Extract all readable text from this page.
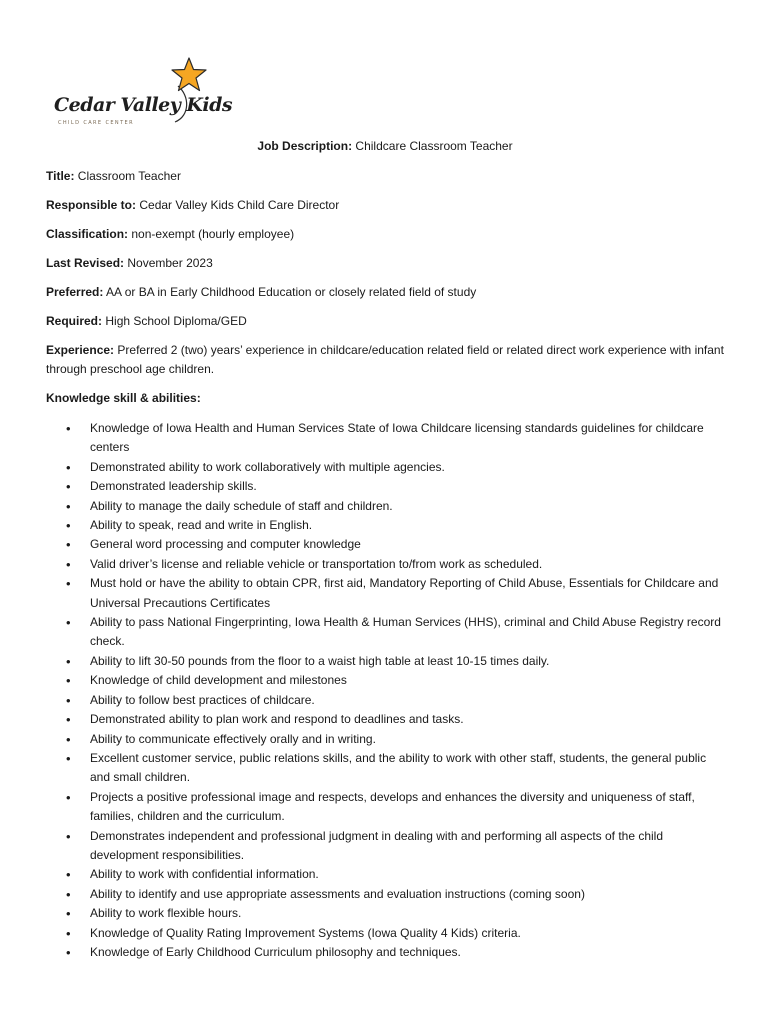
Cedar Valley Kids
CHILD CARE CENTER
Job Description: Childcare Classroom Teacher
Title: Classroom Teacher
Responsible to: Cedar Valley Kids Child Care Director
Classification: non-exempt (hourly employee)
Last Revised: November 2023
Preferred: AA or BA in Early Childhood Education or closely related field of study
Required: High School Diploma/GED
Experience: Preferred 2 (two) years’ experience in childcare/education related field or related direct work experience with infant through preschool age children.
Knowledge skill & abilities:
• Knowledge of Iowa Health and Human Services State of Iowa Childcare licensing standards guidelines for childcare centers
• Demonstrated ability to work collaboratively with multiple agencies.
• Demonstrated leadership skills.
• Ability to manage the daily schedule of staff and children.
• Ability to speak, read and write in English.
• General word processing and computer knowledge
• Valid driver’s license and reliable vehicle or transportation to/from work as scheduled.
• Must hold or have the ability to obtain CPR, first aid, Mandatory Reporting of Child Abuse, Essentials for Childcare and Universal Precautions Certificates
• Ability to pass National Fingerprinting, Iowa Health & Human Services (HHS), criminal and Child Abuse Registry record check.
• Ability to lift 30-50 pounds from the floor to a waist high table at least 10-15 times daily.
• Knowledge of child development and milestones
• Ability to follow best practices of childcare.
• Demonstrated ability to plan work and respond to deadlines and tasks.
• Ability to communicate effectively orally and in writing.
• Excellent customer service, public relations skills, and the ability to work with other staff, students, the general public and small children.
• Projects a positive professional image and respects, develops and enhances the diversity and uniqueness of staff, families, children and the curriculum.
• Demonstrates independent and professional judgment in dealing with and performing all aspects of the child development responsibilities.
• Ability to work with confidential information.
• Ability to identify and use appropriate assessments and evaluation instructions (coming soon)
• Ability to work flexible hours.
• Knowledge of Quality Rating Improvement Systems (Iowa Quality 4 Kids) criteria.
• Knowledge of Early Childhood Curriculum philosophy and techniques.
